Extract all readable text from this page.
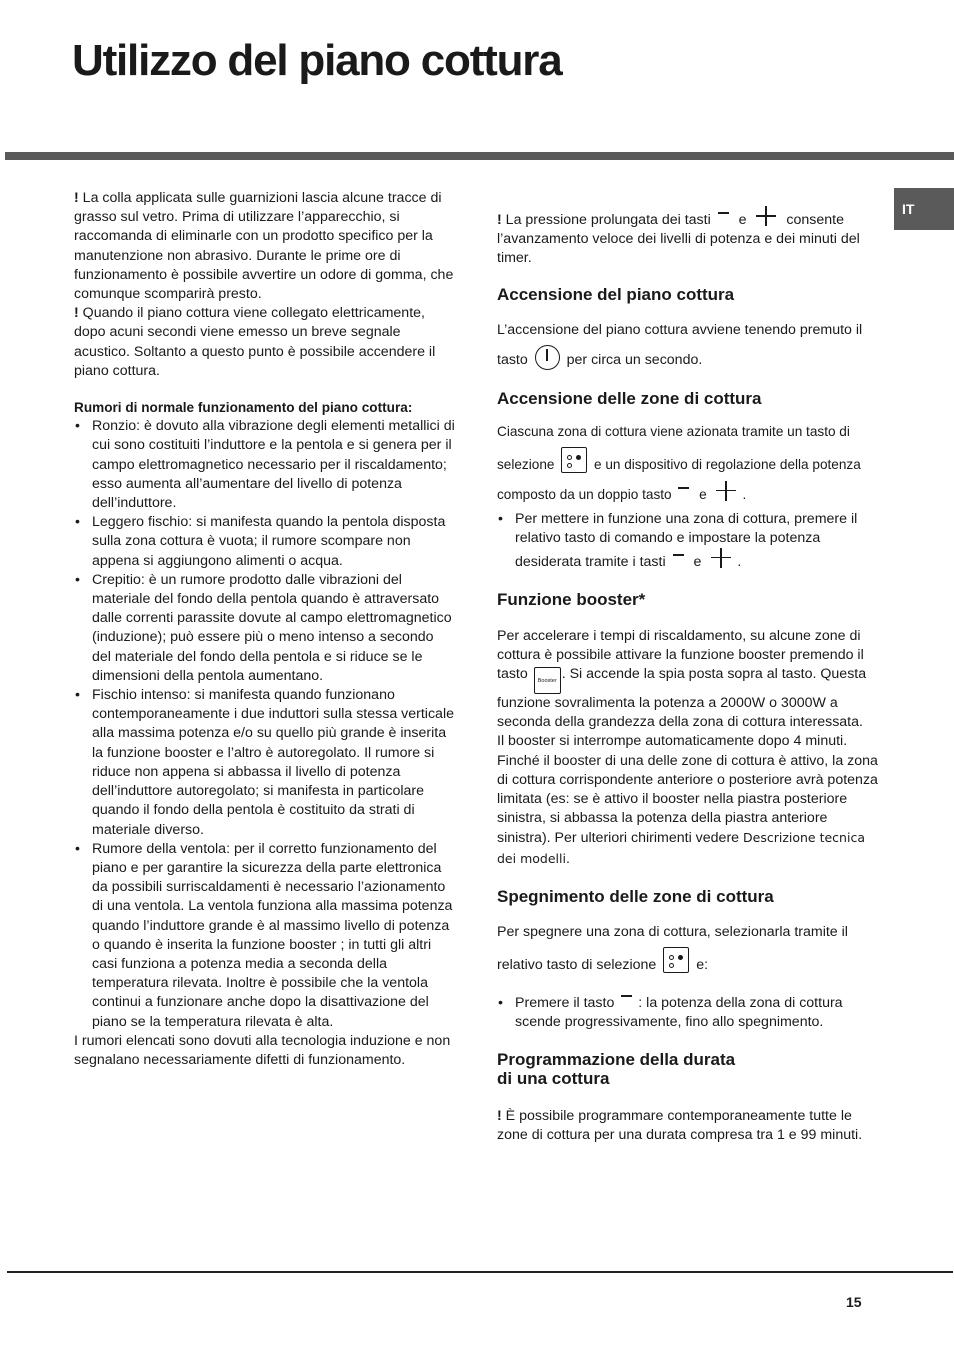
Utilizzo del piano cottura
IT

! La colla applicata sulle guarnizioni lascia alcune tracce di grasso sul vetro. Prima di utilizzare l’apparecchio, si raccomanda di eliminarle con un prodotto specifico per la manutenzione non abrasivo. Durante le prime ore di funzionamento è possibile avvertire un odore di gomma, che comunque scomparirà presto.

! Quando il piano cottura viene collegato elettricamente, dopo acuni secondi viene emesso un breve segnale acustico. Soltanto a questo punto è possibile accendere il piano cottura.

Rumori di normale funzionamento del piano cottura:

• Ronzio: è dovuto alla vibrazione degli elementi metallici di cui sono costituiti l’induttore e la pentola e si genera per il campo elettromagnetico necessario per il riscaldamento; esso aumenta all’aumentare del livello di potenza dell’induttore.
• Leggero fischio: si manifesta quando la pentola disposta sulla zona cottura è vuota; il rumore scompare non appena si aggiungono alimenti o acqua.
• Crepitio: è un rumore prodotto dalle vibrazioni del materiale del fondo della pentola quando è attraversato dalle correnti parassite dovute al campo elettromagnetico (induzione); può essere più o meno intenso a secondo del materiale del fondo della pentola e si riduce se le dimensioni della pentola aumentano.
• Fischio intenso: si manifesta quando funzionano contemporaneamente i due induttori sulla stessa verticale alla massima potenza e/o su quello più grande è inserita la funzione booster e l’altro è autoregolato. Il rumore si riduce non appena si abbassa il livello di potenza dell’induttore autoregolato; si manifesta in particolare quando il fondo della pentola è costituito da strati di materiale diverso.
• Rumore della ventola: per il corretto funzionamento del piano e per garantire la sicurezza della parte elettronica da possibili surriscaldamenti è necessario l’azionamento di una ventola. La ventola funziona alla massima potenza quando l’induttore grande è al massimo livello di potenza o quando è inserita la funzione booster ; in tutti gli altri casi funziona a potenza media a seconda della temperatura rilevata. Inoltre è possibile che la ventola continui a funzionare anche dopo la disattivazione del piano se la temperatura rilevata è alta.

I rumori elencati sono dovuti alla tecnologia induzione e non segnalano necessariamente difetti di funzionamento.

! La pressione prolungata dei tasti  e  consente l’avanzamento veloce dei livelli di potenza e dei minuti del timer.

Accensione del piano cottura

L’accensione del piano cottura avviene tenendo premuto il tasto  per circa un secondo.

Accensione delle zone di cottura

Ciascuna zona di cottura viene azionata tramite un tasto di selezione
e un dispositivo di regolazione della potenza composto da un doppio tasto  e .

• Per mettere in funzione una zona di cottura, premere il relativo tasto di comando e impostare la potenza desiderata tramite i tasti  e .
Funzione booster*

Per accelerare i tempi di riscaldamento, su alcune zone di cottura è possibile attivare la funzione booster premendo il tasto Booster . Si accende la spia posta sopra al tasto. Questa funzione sovralimenta la potenza a 2000W o 3000W a seconda della grandezza della zona di cottura interessata.

Il booster si interrompe automaticamente dopo 4 minuti. Finché il booster di una delle zone di cottura è attivo, la zona di cottura corrispondente anteriore o posteriore avrà potenza limitata (es: se è attivo il booster nella piastra posteriore sinistra, si abbassa la potenza della piastra anteriore sinistra). Per ulteriori chirimenti vedere Descrizione tecnica dei modelli.

Spegnimento delle zone di cottura

Per spegnere una zona di cottura, selezionarla tramite il relativo tasto di selezione
e:

• Premere il tasto : la potenza della zona di cottura scende progressivamente, fino allo spegnimento.
Programmazione della durata
di una cottura

! È possibile programmare contemporaneamente tutte le zone di cottura per una durata compresa tra 1 e 99 minuti.

15
